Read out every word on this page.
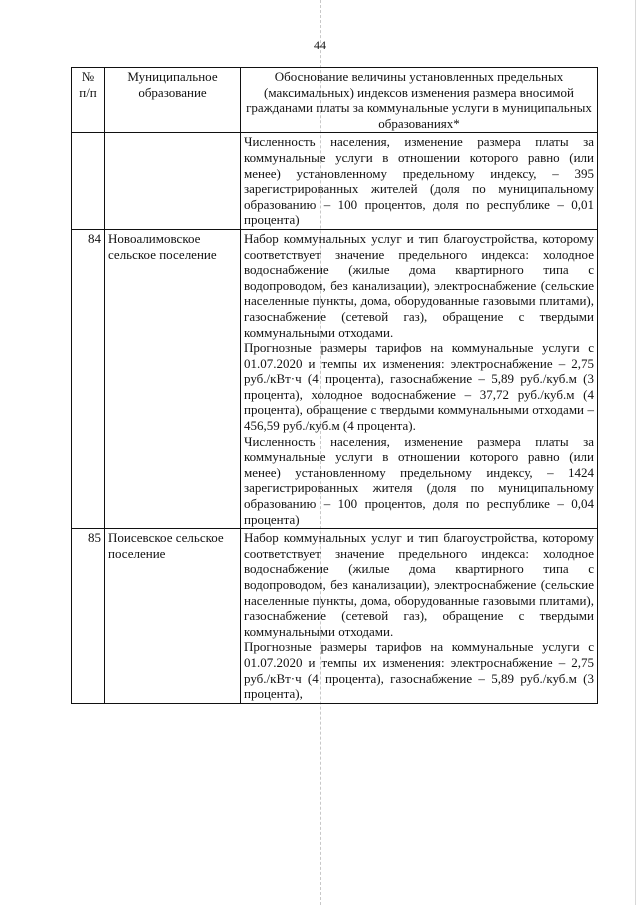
44
№ п/п	Муниципальное образование	Обоснование величины установленных предельных (максимальных) индексов изменения размера вносимой гражданами платы за коммунальные услуги в муниципальных образованиях*

		Численность населения, изменение размера платы за коммунальные услуги в отношении которого равно (или менее) установленному предельному индексу, – 395 зарегистрированных жителей (доля по муниципальному образованию – 100 процентов, доля по республике – 0,01 процента)

84	Новоалимовское сельское поселение	Набор коммунальных услуг и тип благоустройства, которому соответствует значение предельного индекса: холодное водоснабжение (жилые дома квартирного типа с водопроводом, без канализации), электроснабжение (сельские населенные пункты, дома, оборудованные газовыми плитами), газоснабжение (сетевой газ), обращение с твердыми коммунальными отходами.

Прогнозные размеры тарифов на коммунальные услуги с 01.07.2020 и темпы их изменения: электроснабжение – 2,75 руб./кВт·ч (4 процента), газоснабжение – 5,89 руб./куб.м (3 процента), холодное водоснабжение – 37,72 руб./куб.м (4 процента), обращение с твердыми коммунальными отходами – 456,59 руб./куб.м (4 процента).

Численность населения, изменение размера платы за коммунальные услуги в отношении которого равно (или менее) установленному предельному индексу, – 1424 зарегистрированных жителя (доля по муниципальному образованию – 100 процентов, доля по республике – 0,04 процента)

85	Поисевское сельское поселение	Набор коммунальных услуг и тип благоустройства, которому соответствует значение предельного индекса: холодное водоснабжение (жилые дома квартирного типа с водопроводом, без канализации), электроснабжение (сельские населенные пункты, дома, оборудованные газовыми плитами), газоснабжение (сетевой газ), обращение с твердыми коммунальными отходами.

Прогнозные размеры тарифов на коммунальные услуги с 01.07.2020 и темпы их изменения: электроснабжение – 2,75 руб./кВт·ч (4 процента), газоснабжение – 5,89 руб./куб.м (3 процента),
